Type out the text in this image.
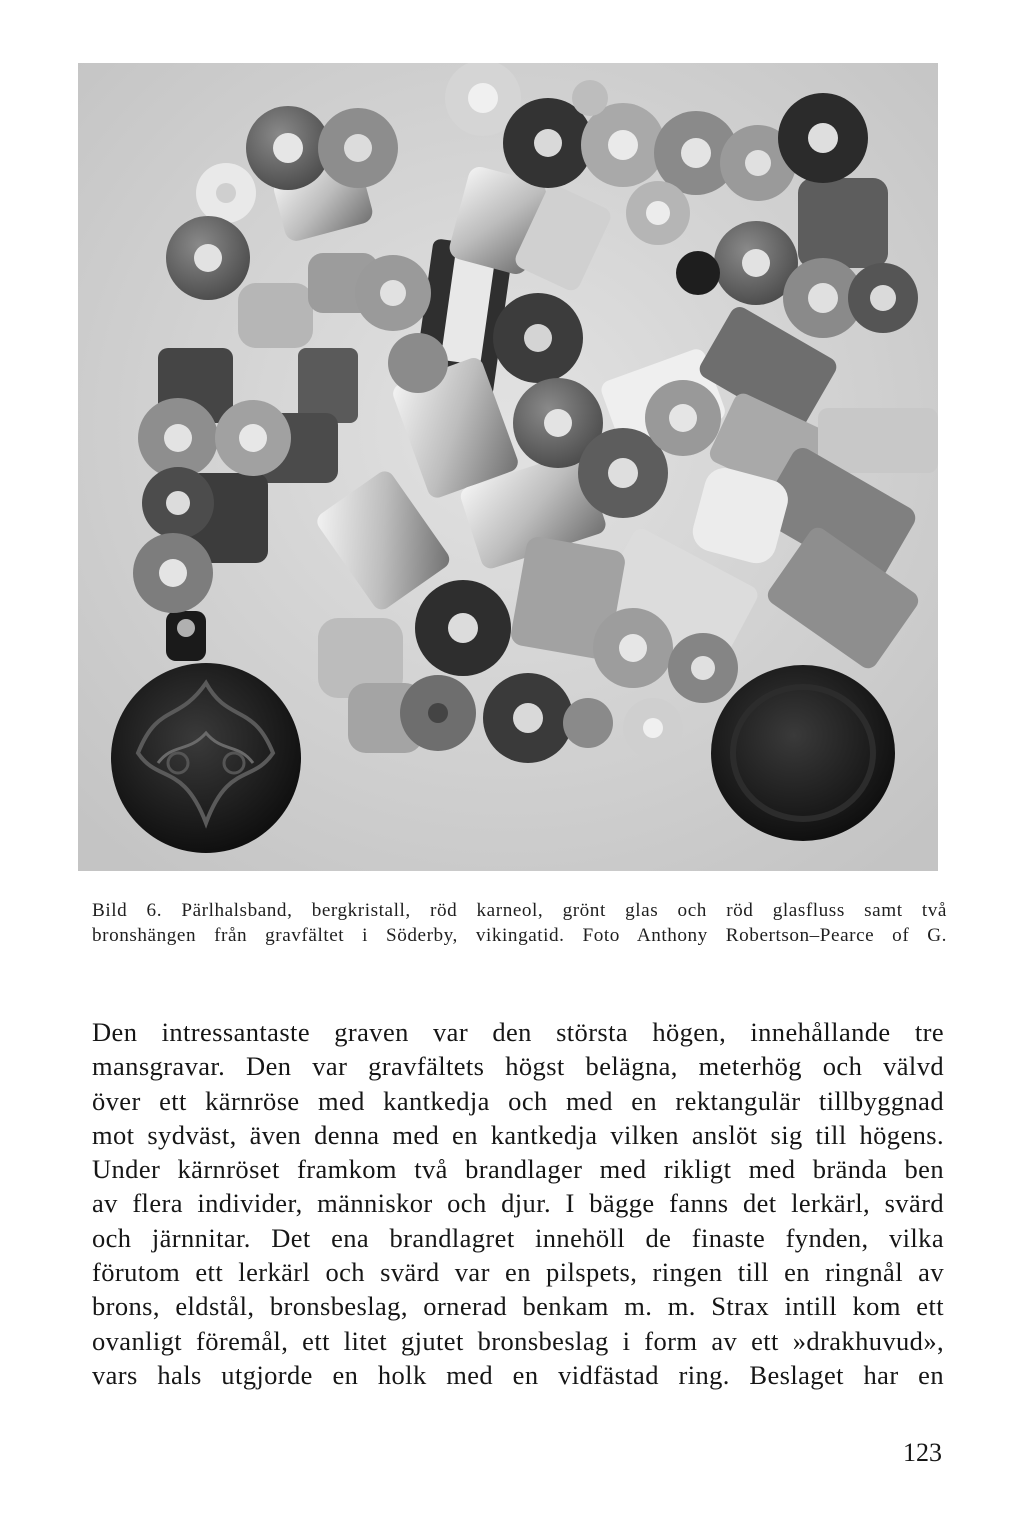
Bild 6. Pärlhalsband, bergkristall, röd karneol, grönt glas och röd glasfluss samt två
bronshängen från gravfältet i Söderby, vikingatid. Foto Anthony Robertson–Pearce of G.
Den intressantaste graven var den största högen, innehållande tre
mansgravar. Den var gravfältets högst belägna, meterhög och välvd
över ett kärnröse med kantkedja och med en rektangulär tillbyggnad
mot sydväst, även denna med en kantkedja vilken anslöt sig till högens.
Under kärnröset framkom två brandlager med rikligt med brända ben
av flera individer, människor och djur. I bägge fanns det lerkärl, svärd
och järnnitar. Det ena brandlagret innehöll de finaste fynden, vilka
förutom ett lerkärl och svärd var en pilspets, ringen till en ringnål av
brons, eldstål, bronsbeslag, ornerad benkam m. m. Strax intill kom ett
ovanligt föremål, ett litet gjutet bronsbeslag i form av ett »drakhuvud»,
vars hals utgjorde en holk med en vidfästad ring. Beslaget har en
123
